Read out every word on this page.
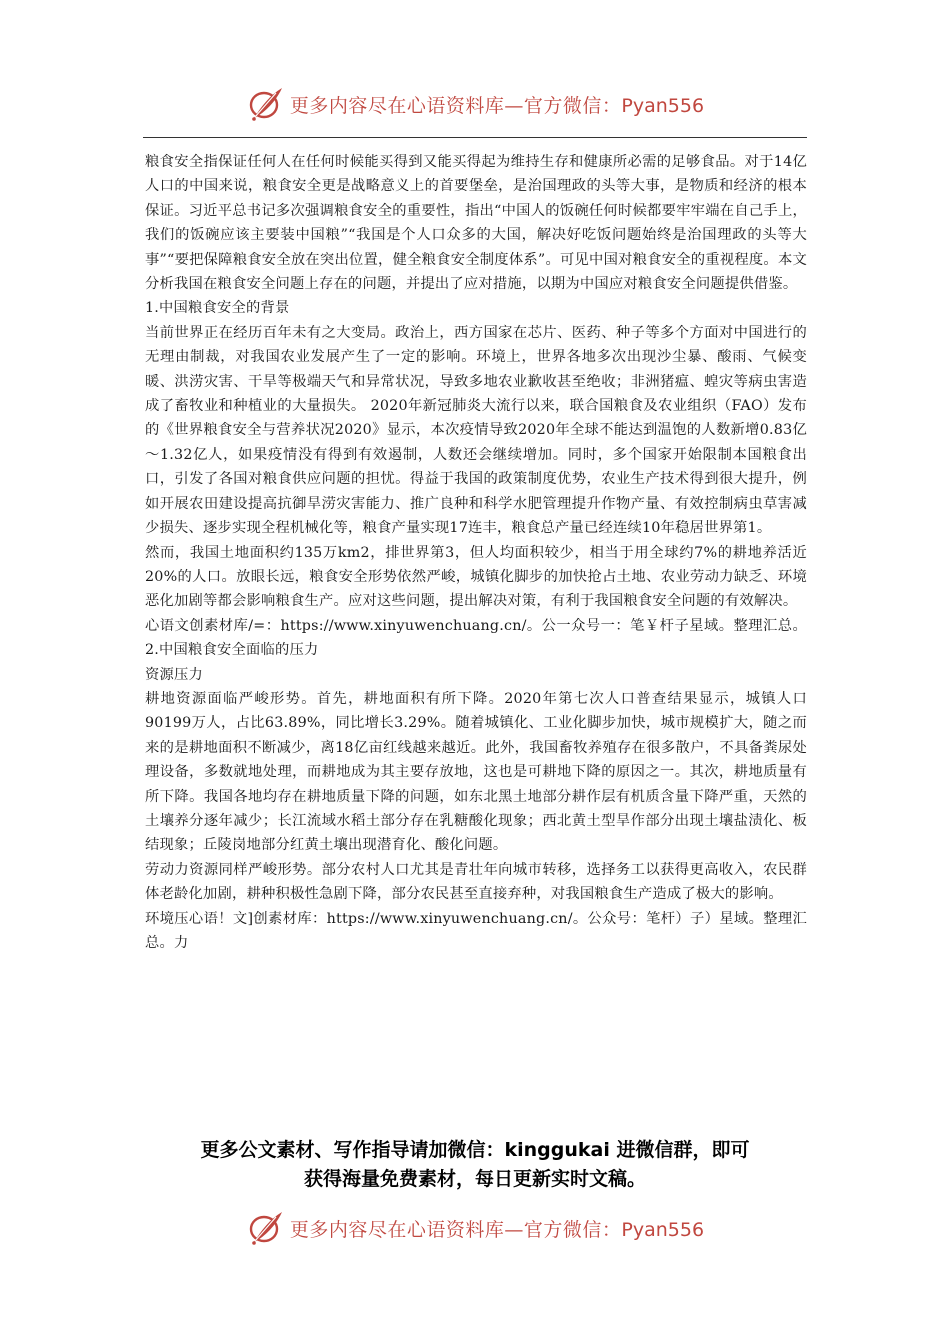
更多内容尽在心语资料库—官方微信：Pyan556

粮食安全指保证任何人在任何时候能买得到又能买得起为维持生存和健康所必需的足够食品。对于14亿人口的中国来说，粮食安全更是战略意义上的首要堡垒，是治国理政的头等大事，是物质和经济的根本保证。习近平总书记多次强调粮食安全的重要性，指出“中国人的饭碗任何时候都要牢牢端在自己手上，我们的饭碗应该主要装中国粮”“我国是个人口众多的大国，解决好吃饭问题始终是治国理政的头等大事”“要把保障粮食安全放在突出位置，健全粮食安全制度体系”。可见中国对粮食安全的重视程度。本文分析我国在粮食安全问题上存在的问题，并提出了应对措施，以期为中国应对粮食安全问题提供借鉴。

1.中国粮食安全的背景

当前世界正在经历百年未有之大变局。政治上，西方国家在芯片、医药、种子等多个方面对中国进行的无理由制裁，对我国农业发展产生了一定的影响。环境上，世界各地多次出现沙尘暴、酸雨、气候变暖、洪涝灾害、干旱等极端天气和异常状况，导致多地农业歉收甚至绝收；非洲猪瘟、蝗灾等病虫害造成了畜牧业和种植业的大量损失。 2020年新冠肺炎大流行以来，联合国粮食及农业组织（FAO）发布的《世界粮食安全与营养状况2020》显示，本次疫情导致2020年全球不能达到温饱的人数新增0.83亿～1.32亿人，如果疫情没有得到有效遏制，人数还会继续增加。同时，多个国家开始限制本国粮食出口，引发了各国对粮食供应问题的担忧。得益于我国的政策制度优势，农业生产技术得到很大提升，例如开展农田建设提高抗御旱涝灾害能力、推广良种和科学水肥管理提升作物产量、有效控制病虫草害减少损失、逐步实现全程机械化等，粮食产量实现17连丰，粮食总产量已经连续10年稳居世界第1。

然而，我国土地面积约135万km2，排世界第3，但人均面积较少，相当于用全球约7%的耕地养活近20%的人口。放眼长远，粮食安全形势依然严峻，城镇化脚步的加快抢占土地、农业劳动力缺乏、环境恶化加剧等都会影响粮食生产。应对这些问题，提出解决对策，有利于我国粮食安全问题的有效解决。

心语文创素材库/=：https://www.xinyuwenchuang.cn/。公一众号一：笔￥杆子星域。整理汇总。2.中国粮食安全面临的压力

资源压力

耕地资源面临严峻形势。首先，耕地面积有所下降。2020年第七次人口普查结果显示，城镇人口90199万人，占比63.89%，同比增长3.29%。随着城镇化、工业化脚步加快，城市规模扩大，随之而来的是耕地面积不断减少，离18亿亩红线越来越近。此外，我国畜牧养殖存在很多散户，不具备粪尿处理设备，多数就地处理，而耕地成为其主要存放地，这也是可耕地下降的原因之一。其次，耕地质量有所下降。我国各地均存在耕地质量下降的问题，如东北黑土地部分耕作层有机质含量下降严重，天然的土壤养分逐年减少；长江流域水稻土部分存在乳糖酸化现象；西北黄土型旱作部分出现土壤盐渍化、板结现象；丘陵岗地部分红黄土壤出现潜育化、酸化问题。

劳动力资源同样严峻形势。部分农村人口尤其是青壮年向城市转移，选择务工以获得更高收入，农民群体老龄化加剧，耕种积极性急剧下降，部分农民甚至直接弃种，对我国粮食生产造成了极大的影响。

环境压心语！文]创素材库：https://www.xinyuwenchuang.cn/。公众号：笔杆）子）星域。整理汇总。力

更多公文素材、写作指导请加微信：kinggukai 进微信群，即可
获得海量免费素材，每日更新实时文稿。
更多内容尽在心语资料库—官方微信：Pyan556
